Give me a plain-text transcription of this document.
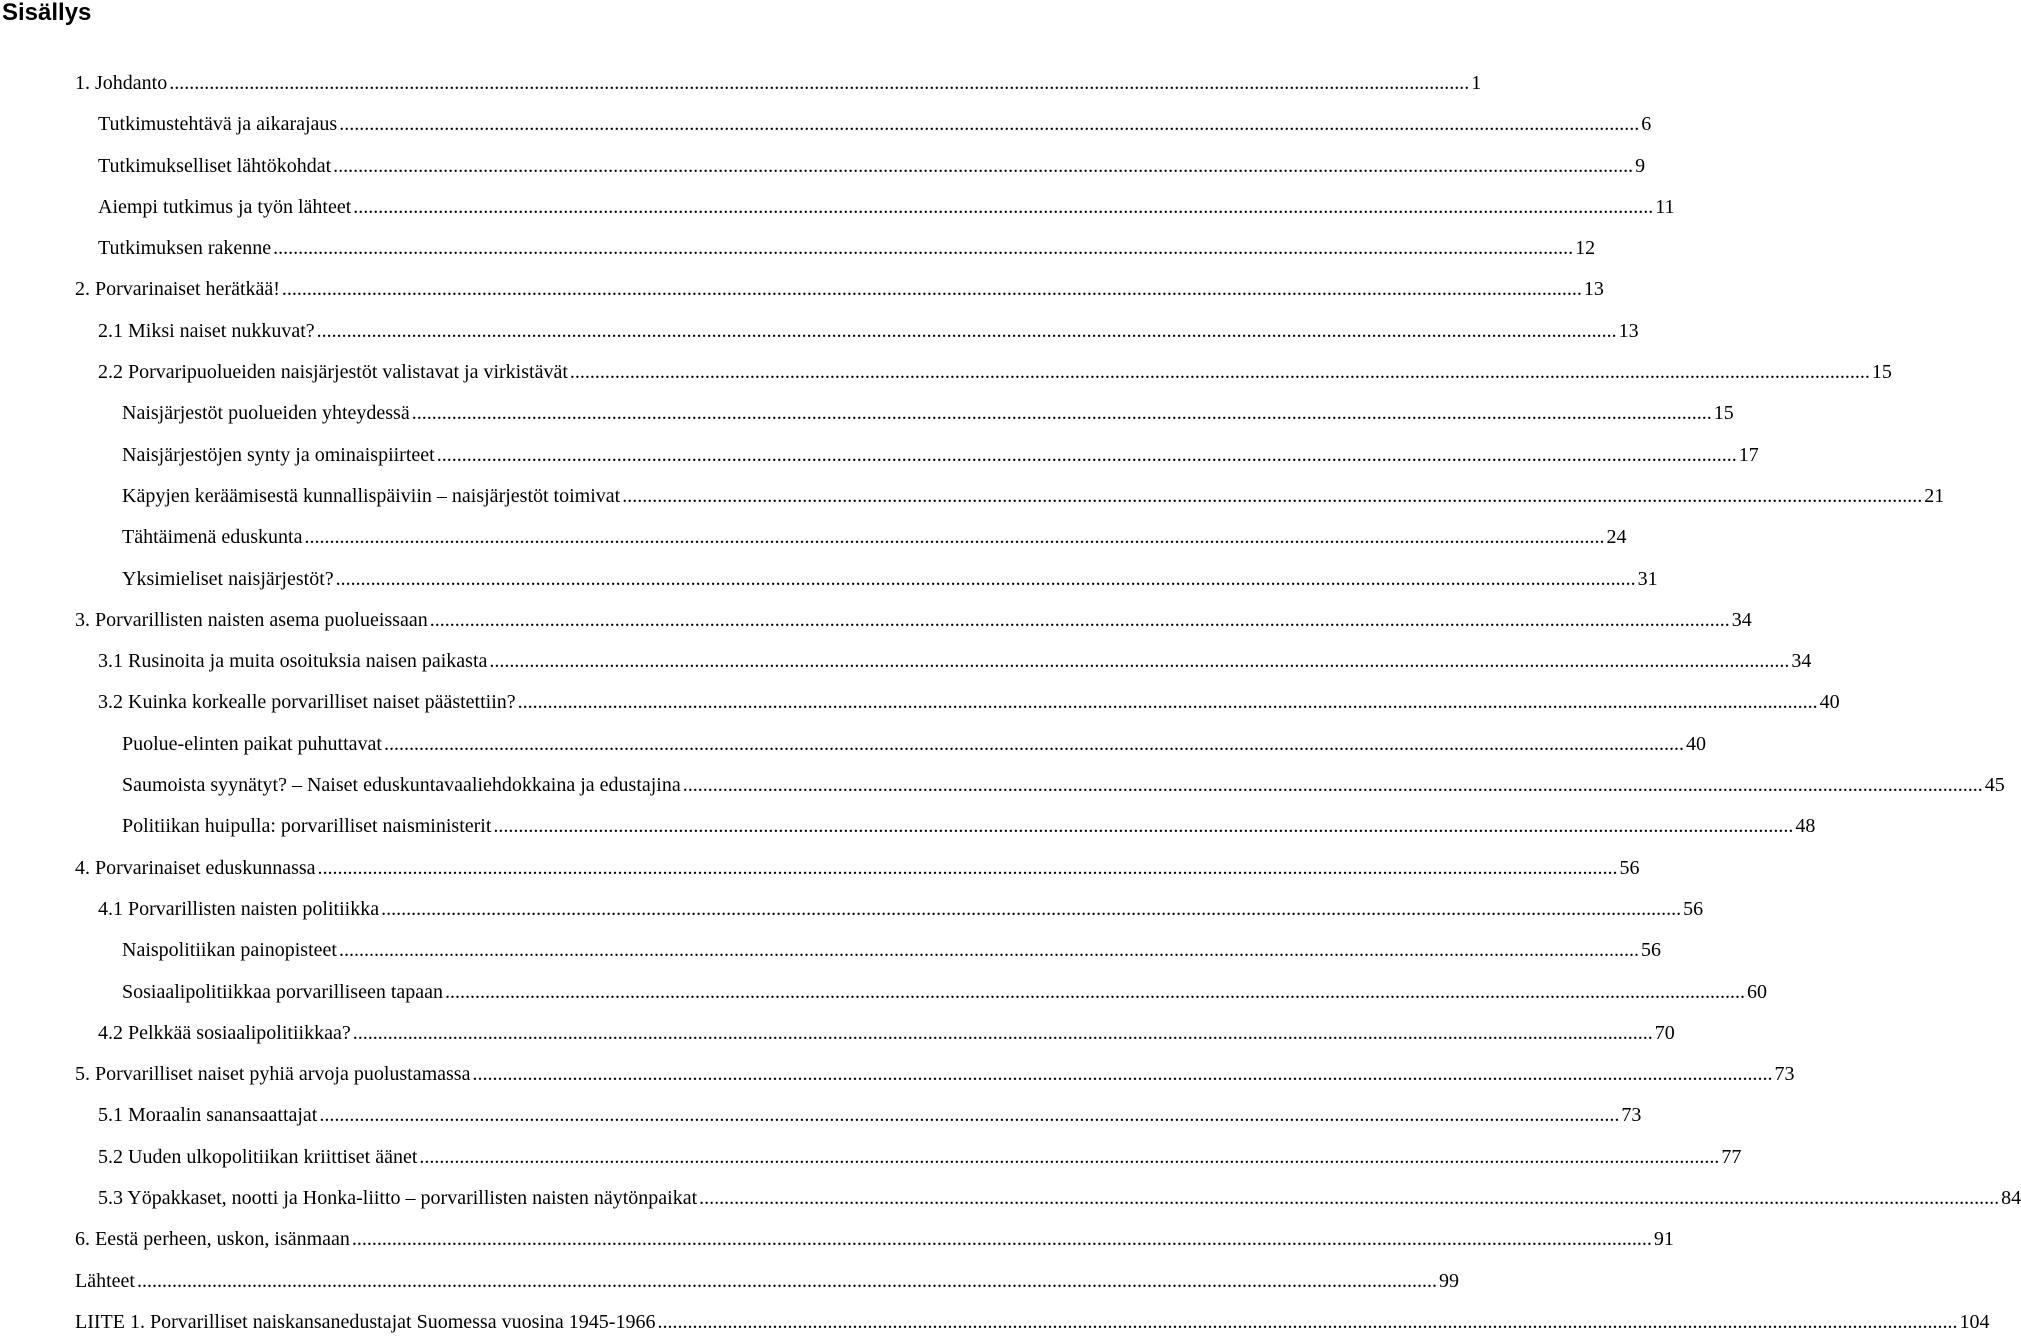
Sisällys
1. Johdanto .....	1
Tutkimustehtävä ja aikarajaus .....	6
Tutkimukselliset lähtökohdat .....	9
Aiempi tutkimus ja työn lähteet .....	11
Tutkimuksen rakenne .....	12
2. Porvarinaiset herätkää! .....	13
2.1 Miksi naiset nukkuvat? .....	13
2.2 Porvaripuolueiden naisjärjestöt valistavat ja virkistävät .....	15
Naisjärjestöt puolueiden yhteydessä .....	15
Naisjärjestöjen synty ja ominaispiirteet .....	17
Käpyjen keräämisestä kunnallispäiviin – naisjärjestöt toimivat .....	21
Tähtäimenä eduskunta .....	24
Yksimieliset naisjärjestöt? .....	31
3. Porvarillisten naisten asema puolueissaan .....	34
3.1 Rusinoita ja muita osoituksia naisen paikasta .....	34
3.2 Kuinka korkealle porvarilliset naiset päästettiin? .....	40
Puolue-elinten paikat puhuttavat .....	40
Saumoista syynätyt? – Naiset eduskuntavaaliehdokkaina ja edustajina .....	45
Politiikan huipulla: porvarilliset naisministerit .....	48
4. Porvarinaiset eduskunnassa .....	56
4.1 Porvarillisten naisten politiikka .....	56
Naispolitiikan painopisteet .....	56
Sosiaalipolitiikkaa porvarilliseen tapaan .....	60
4.2 Pelkkää sosiaalipolitiikkaa? .....	70
5. Porvarilliset naiset pyhiä arvoja puolustamassa .....	73
5.1 Moraalin sanansaattajat .....	73
5.2 Uuden ulkopolitiikan kriittiset äänet .....	77
5.3 Yöpakkaset, nootti ja Honka-liitto – porvarillisten naisten näytönpaikat .....	84
6. Eestä perheen, uskon, isänmaan .....	91
Lähteet .....	99
LIITE 1. Porvarilliset naiskansanedustajat Suomessa vuosina 1945-1966 .....	104
